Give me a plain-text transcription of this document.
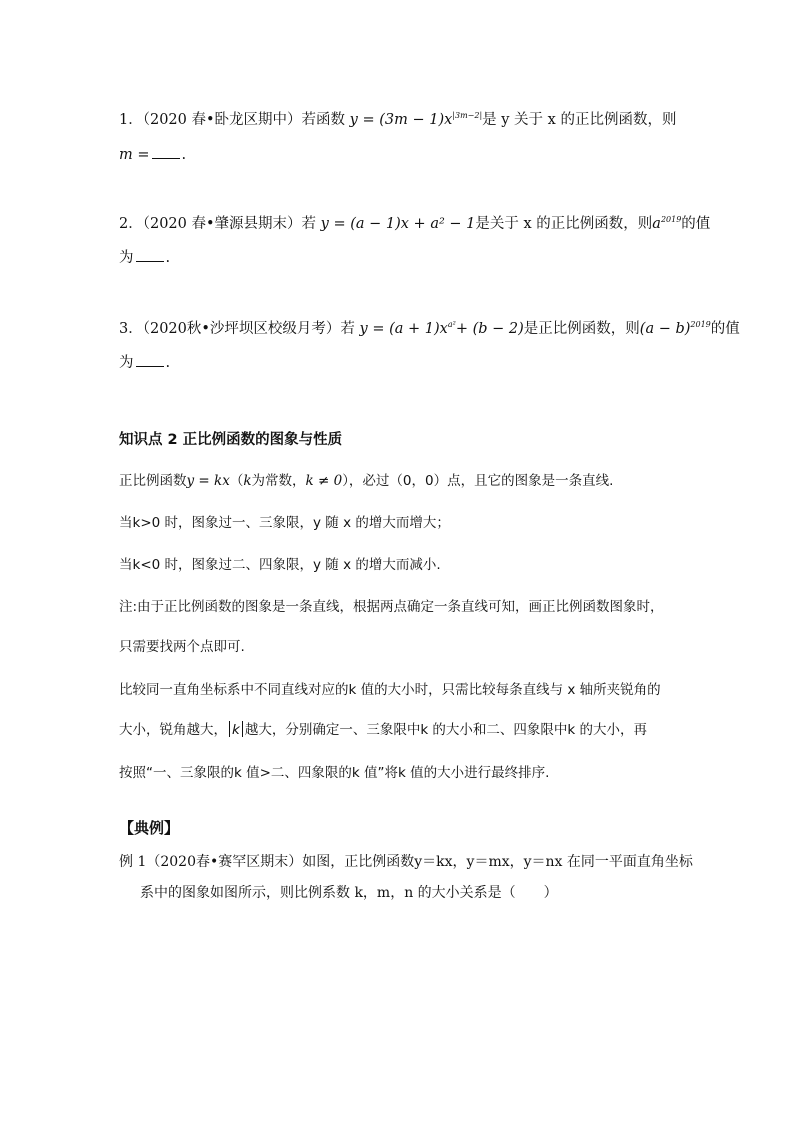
1．（2020 春•卧龙区期中）若函数 $y = (3m - 1)x^{|3m-2|}$是 y 关于 x 的正比例函数，则
m = .
2．（2020 春•肇源县期末）若 y = (a − 1)x + a² − 1是关于 x 的正比例函数，则$a^{2019}$的值
为 .
3．（2020秋•沙坪坝区校级月考）若 $y = (a + 1)x^{a^2}+ (b - 2)$是正比例函数，则$(a - b)^{2019}$的值
为 .
知识点 2 正比例函数的图象与性质
正比例函数y = kx（k为常数，k ≠ 0），必过（0，0）点，且它的图象是一条直线.
当k>0 时，图象过一、三象限，y 随 x 的增大而增大；
当k<0 时，图象过二、四象限，y 随 x 的增大而减小.
注:由于正比例函数的图象是一条直线，根据两点确定一条直线可知，画正比例函数图象时，
只需要找两个点即可.
比较同一直角坐标系中不同直线对应的k 值的大小时，只需比较每条直线与 x 轴所夹锐角的
大小，锐角越大， k 越大，分别确定一、三象限中k 的大小和二、四象限中k 的大小，再
按照“一、三象限的k 值>二、四象限的k 值”将k 值的大小进行最终排序.
【典例】
例 1（2020春•赛罕区期末）如图，正比例函数y＝kx，y＝mx，y＝nx 在同一平面直角坐标
系中的图象如图所示，则比例系数 k，m，n 的大小关系是（　　）
